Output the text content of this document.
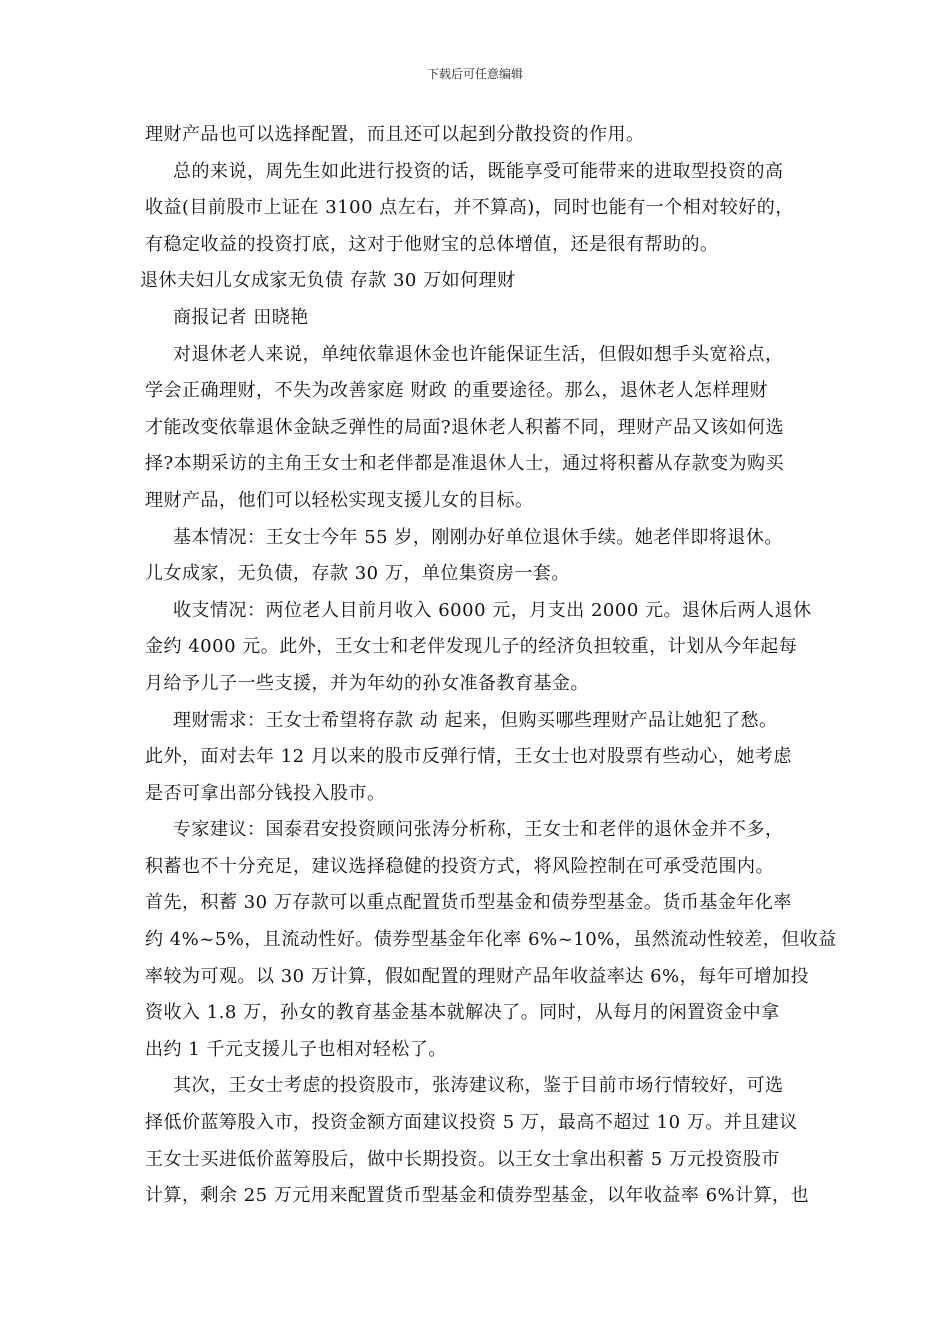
下载后可任意编辑
理财产品也可以选择配置，而且还可以起到分散投资的作用。
总的来说，周先生如此进行投资的话，既能享受可能带来的进取型投资的高
收益(目前股市上证在 3100 点左右，并不算高)，同时也能有一个相对较好的，
有稳定收益的投资打底，这对于他财宝的总体增值，还是很有帮助的。
退休夫妇儿女成家无负债 存款 30 万如何理财
商报记者 田晓艳
对退休老人来说，单纯依靠退休金也许能保证生活，但假如想手头宽裕点，
学会正确理财，不失为改善家庭 财政 的重要途径。那么，退休老人怎样理财
才能改变依靠退休金缺乏弹性的局面?退休老人积蓄不同，理财产品又该如何选
择?本期采访的主角王女士和老伴都是准退休人士，通过将积蓄从存款变为购买
理财产品，他们可以轻松实现支援儿女的目标。
基本情况：王女士今年 55 岁，刚刚办好单位退休手续。她老伴即将退休。
儿女成家，无负债，存款 30 万，单位集资房一套。
收支情况：两位老人目前月收入 6000 元，月支出 2000 元。退休后两人退休
金约 4000 元。此外，王女士和老伴发现儿子的经济负担较重，计划从今年起每
月给予儿子一些支援，并为年幼的孙女准备教育基金。
理财需求：王女士希望将存款 动 起来，但购买哪些理财产品让她犯了愁。
此外，面对去年 12 月以来的股市反弹行情，王女士也对股票有些动心，她考虑
是否可拿出部分钱投入股市。
专家建议：国泰君安投资顾问张涛分析称，王女士和老伴的退休金并不多，
积蓄也不十分充足，建议选择稳健的投资方式，将风险控制在可承受范围内。
首先，积蓄 30 万存款可以重点配置货币型基金和债券型基金。货币基金年化率
约 4%~5%，且流动性好。债券型基金年化率 6%~10%，虽然流动性较差，但收益
率较为可观。以 30 万计算，假如配置的理财产品年收益率达 6%，每年可增加投
资收入 1.8 万，孙女的教育基金基本就解决了。同时，从每月的闲置资金中拿
出约 1 千元支援儿子也相对轻松了。
其次，王女士考虑的投资股市，张涛建议称，鉴于目前市场行情较好，可选
择低价蓝筹股入市，投资金额方面建议投资 5 万，最高不超过 10 万。并且建议
王女士买进低价蓝筹股后，做中长期投资。以王女士拿出积蓄 5 万元投资股市
计算，剩余 25 万元用来配置货币型基金和债券型基金，以年收益率 6%计算，也
